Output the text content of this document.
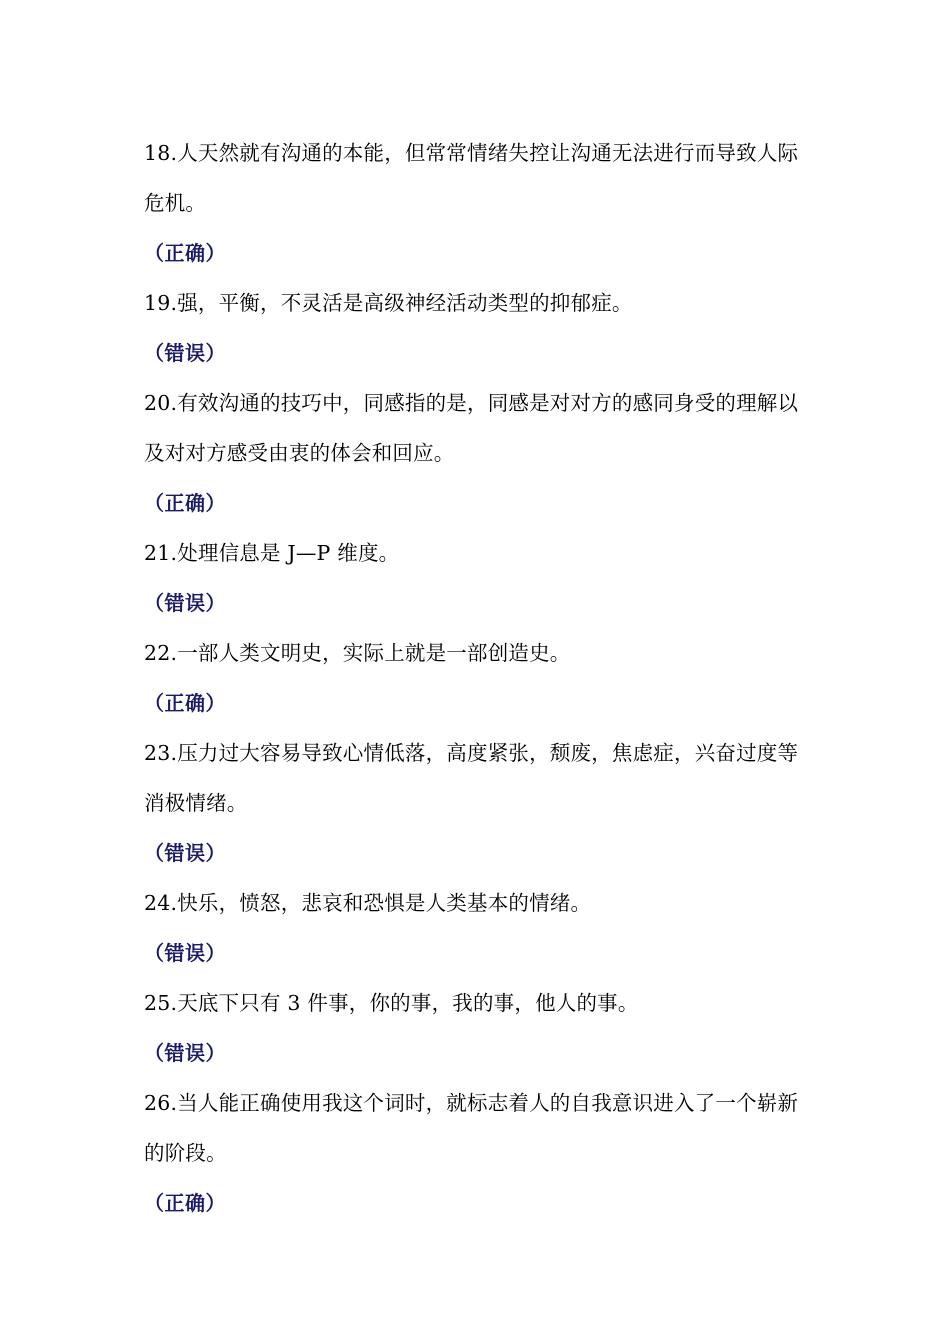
18.人天然就有沟通的本能，但常常情绪失控让沟通无法进行而导致人际危机。

（正确）

19.强，平衡，不灵活是高级神经活动类型的抑郁症。

（错误）

20.有效沟通的技巧中，同感指的是，同感是对对方的感同身受的理解以及对对方感受由衷的体会和回应。

（正确）

21.处理信息是 J—P 维度。

（错误）

22.一部人类文明史，实际上就是一部创造史。

（正确）

23.压力过大容易导致心情低落，高度紧张，颓废，焦虑症，兴奋过度等消极情绪。

（错误）

24.快乐，愤怒，悲哀和恐惧是人类基本的情绪。

（错误）

25.天底下只有 3 件事，你的事，我的事，他人的事。

（错误）

26.当人能正确使用我这个词时，就标志着人的自我意识进入了一个崭新的阶段。

（正确）
